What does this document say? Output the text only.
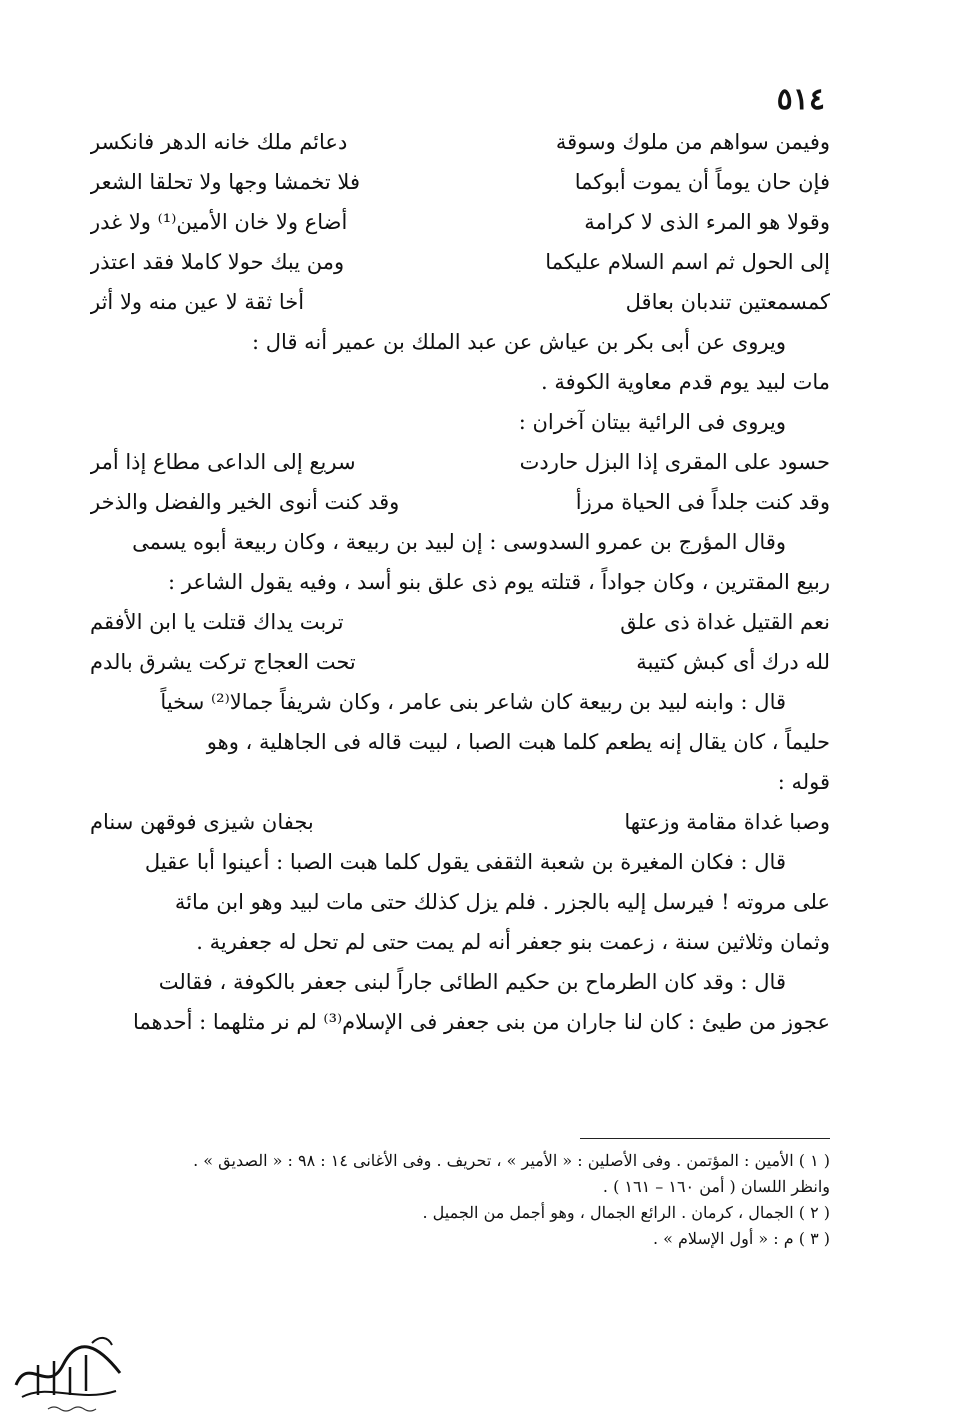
٥١٤
وفيمن سواهم من ملوك وسوقة
دعائم ملك خانه الدهر فانكسر
فإن حان يوماً أن يموت أبوكما
فلا تخمشا وجها ولا تحلقا الشعر
وقولا هو المرء الذى لا كرامة
أضاع ولا خان الأمين⁽¹⁾ ولا غدر
إلى الحول ثم اسم السلام عليكما
ومن يبك حولا كاملا فقد اعتذر
كمسمعتين تندبان بعاقل
أخا ثقة لا عين منه ولا أثر
ويروى عن أبى بكر بن عياش عن عبد الملك بن عمير أنه قال :
مات لبيد يوم قدم معاوية الكوفة .
ويروى فى الرائية بيتان آخران :
حسود على المقرى إذا البزل حاردت
سريع إلى الداعى مطاع إذا أمر
وقد كنت جلداً فى الحياة مرزأ
وقد كنت أنوى الخير والفضل والذخر
وقال المؤرج بن عمرو السدوسى : إن لبيد بن ربيعة ، وكان ربيعة أبوه يسمى
ربيع المقترين ، وكان جواداً ، قتلته يوم ذى علق بنو أسد ، وفيه يقول الشاعر :
نعم القتيل غداة ذى علق
تربت يداك قتلت يا ابن الأفقم
لله درك أى كبش كتيبة
تحت العجاج تركت يشرق بالدم
قال : وابنه لبيد بن ربيعة كان شاعر بنى عامر ، وكان شريفاً جمالا⁽²⁾ سخياً
حليماً ، كان يقال إنه يطعم كلما هبت الصبا ، لبيت قاله فى الجاهلية ، وهو
قوله :
وصبا غداة مقامة وزعتها
بجفان شيزى فوقهن سنام
قال : فكان المغيرة بن شعبة الثقفى يقول كلما هبت الصبا : أعينوا أبا عقيل
على مروته ! فيرسل إليه بالجزر . فلم يزل كذلك حتى مات لبيد وهو ابن مائة
وثمان وثلاثين سنة ، زعمت بنو جعفر أنه لم يمت حتى لم تحل له جعفرية .
قال : وقد كان الطرماح بن حكيم الطائى جاراً لبنى جعفر بالكوفة ، فقالت
عجوز من طيئ : كان لنا جاران من بنى جعفر فى الإسلام⁽³⁾ لم نر مثلهما : أحدهما
( ١ ) الأمين : المؤتمن . وفى الأصلين : « الأمير » ، تحريف . وفى الأغانى ١٤ : ٩٨ : « الصديق » .
وانظر اللسان ( أمن ١٦٠ – ١٦١ ) .
( ٢ ) الجمال ، كرمان . الرائع الجمال ، وهو أجمل من الجميل .
( ٣ ) م : « أول الإسلام » .
